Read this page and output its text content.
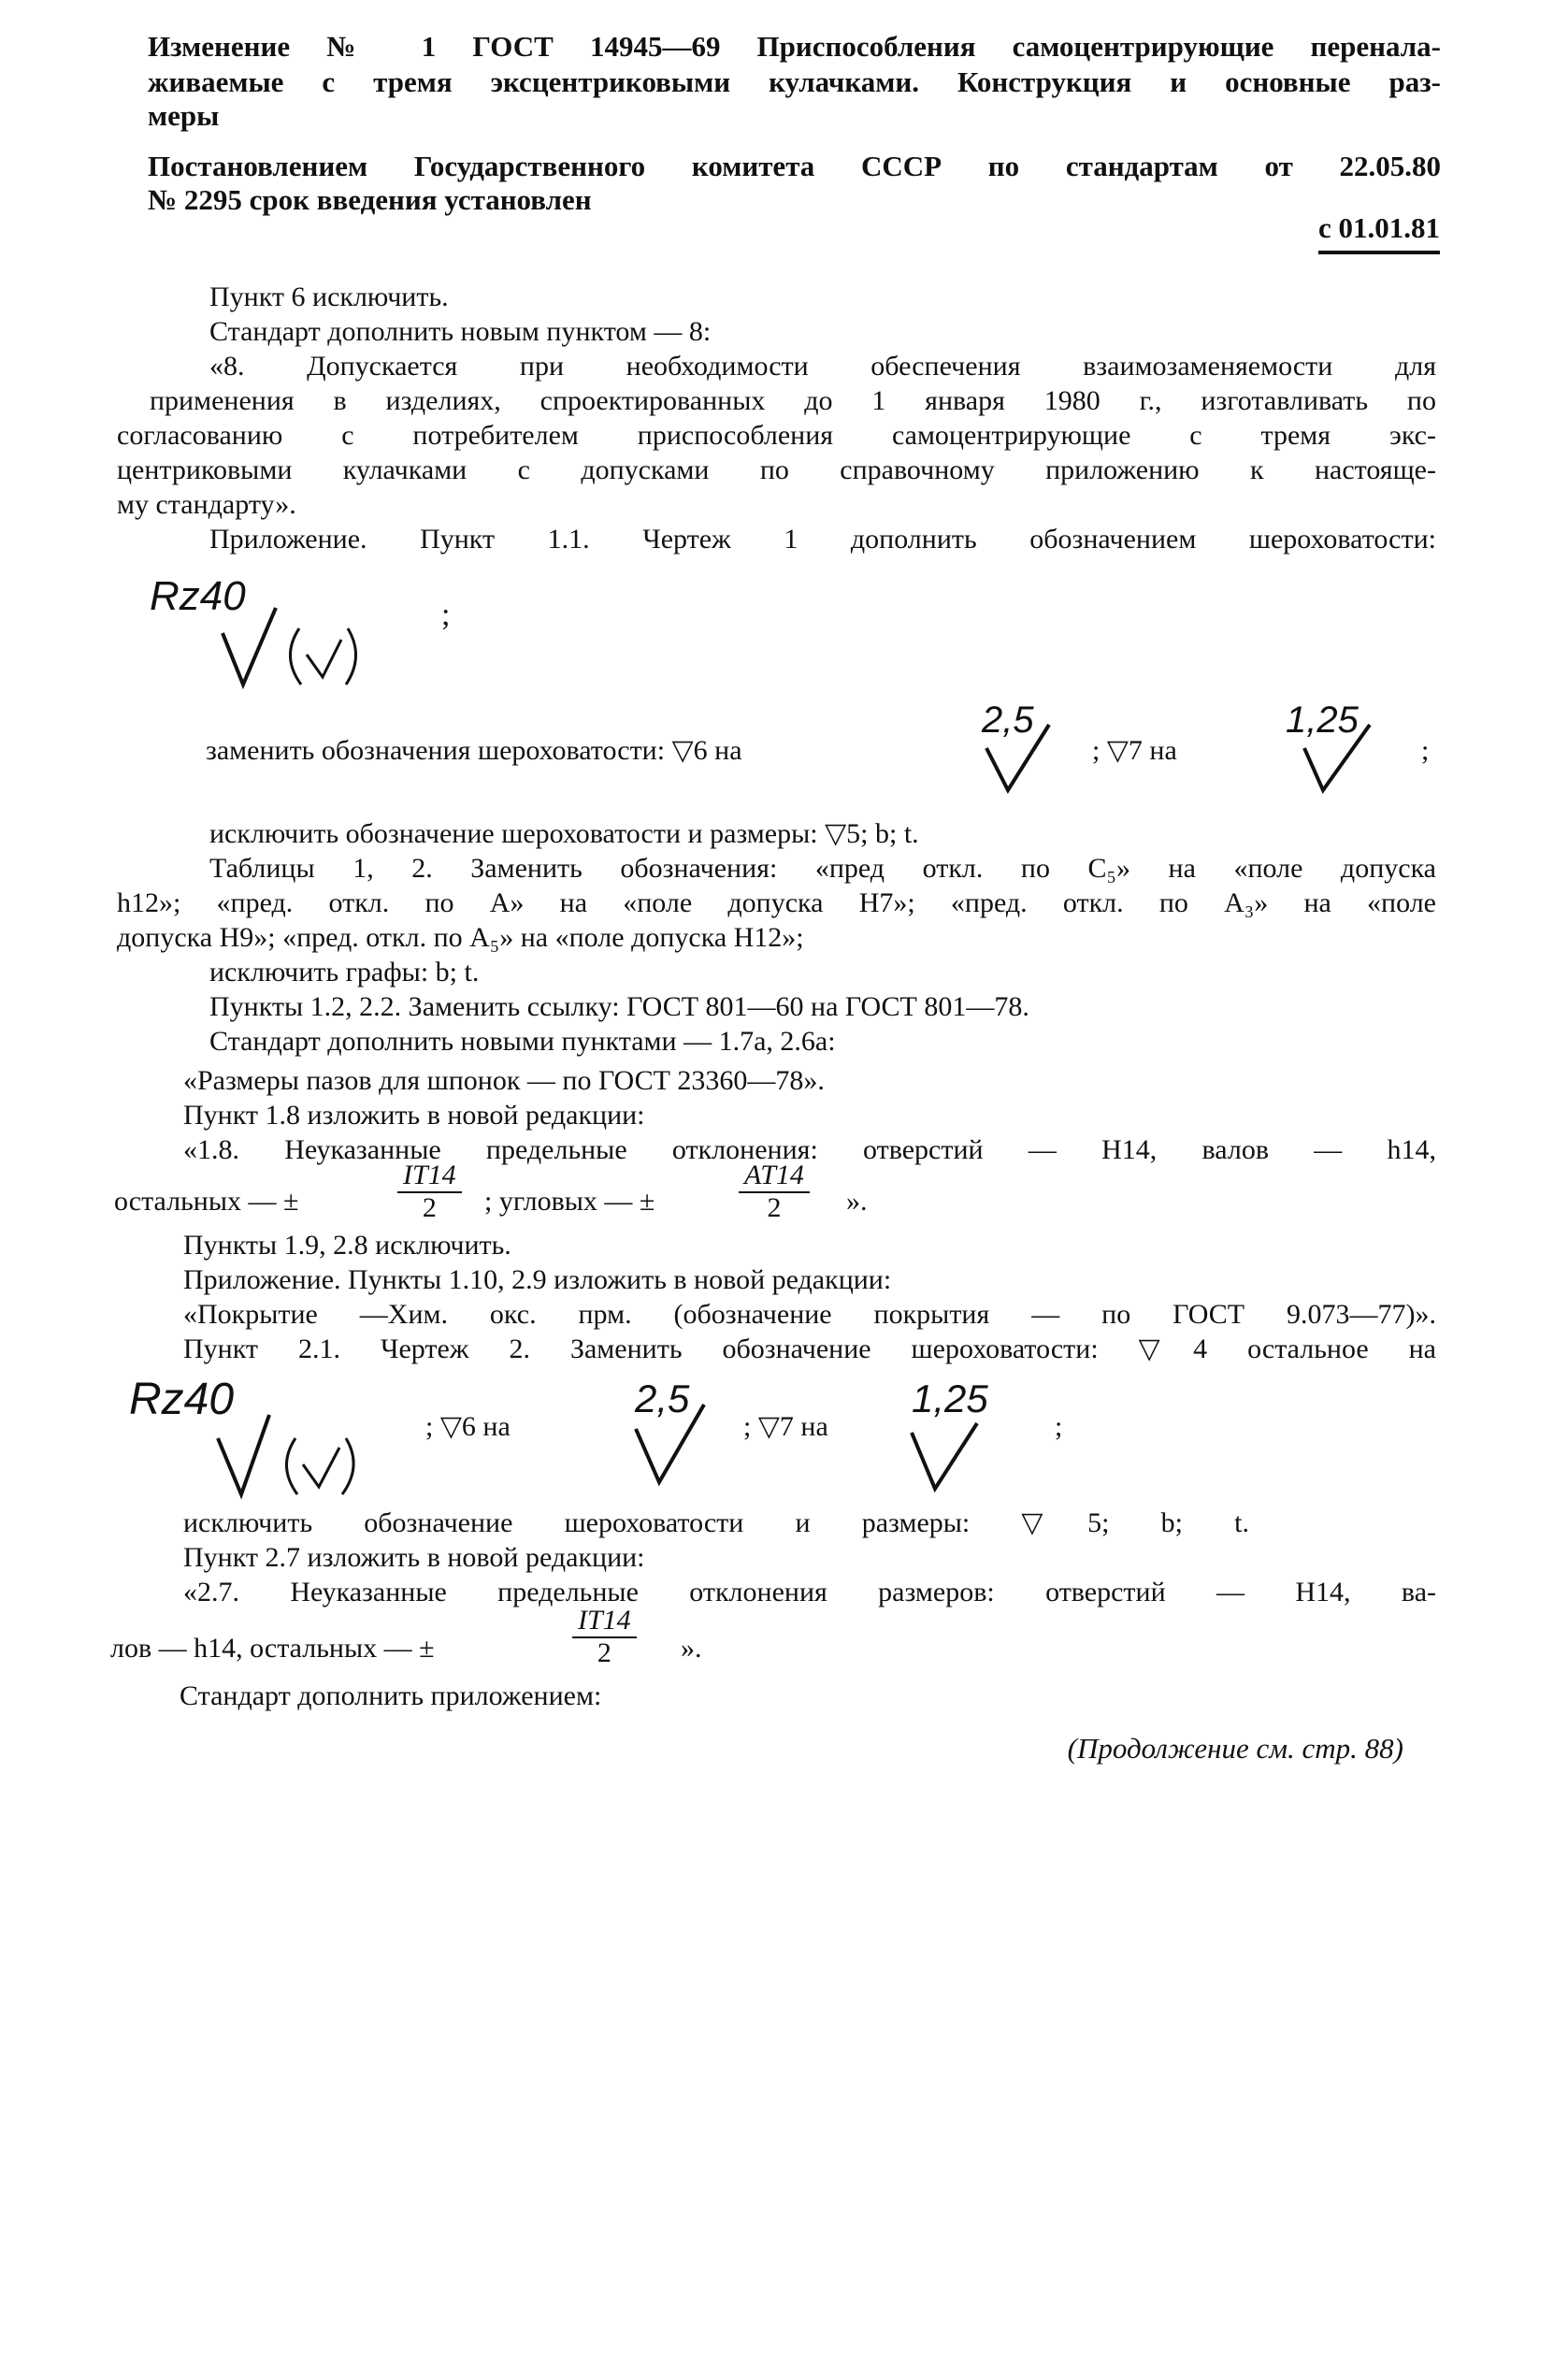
Изменение № 1 ГОСТ 14945—69 Приспособления самоцентрирующие перенала-
живаемые с тремя эксцентриковыми кулачками. Конструкция и основные раз-
меры
Постановлением Государственного комитета СССР по стандартам от 22.05.80
№ 2295 срок введения установлен
с 01.01.81
Пункт 6 исключить.
Стандарт дополнить новым пунктом — 8:
«8. Допускается при необходимости обеспечения взаимозаменяемости для
применения в изделиях, спроектированных до 1 января 1980 г., изготавливать по
согласованию с потребителем приспособления самоцентрирующие с тремя экс-
центриковыми кулачками с допусками по справочному приложению к настояще-
му стандарту».
Приложение. Пункт 1.1. Чертеж 1 дополнить обозначением шероховатости:
Rz40	;
заменить обозначения шероховатости: ▽6 на
2,5
; ▽7 на
1,25
;
исключить обозначение шероховатости и размеры: ▽5; b; t.
Таблицы 1, 2. Заменить обозначения: «пред откл. по C₅» на «поле допуска
h12»; «пред. откл. по A» на «поле допуска H7»; «пред. откл. по A₃» на «поле
допуска H9»; «пред. откл. по A₅» на «поле допуска H12»;
исключить графы: b; t.
Пункты 1.2, 2.2. Заменить ссылку: ГОСТ 801—60 на ГОСТ 801—78.
Стандарт дополнить новыми пунктами — 1.7a, 2.6a:
«Размеры пазов для шпонок — по ГОСТ 23360—78».
Пункт 1.8 изложить в новой редакции:
«1.8. Неуказанные предельные отклонения: отверстий — H14, валов — h14,
остальных — ±	$\frac{IT14}{2}$ ; угловых — ±	$\frac{AT14}{2}$ ».
Пункты 1.9, 2.8 исключить.
Приложение. Пункты 1.10, 2.9 изложить в новой редакции:
«Покрытие —Хим. окс. прм. (обозначение покрытия — по ГОСТ 9.073—77)».
Пункт 2.1. Чертеж 2. Заменить обозначение шероховатости: ▽4 остальное на
Rz40
; ▽6 на
2,5
; ▽7 на
1,25
;
исключить обозначение шероховатости и размеры: ▽5; b; t.
Пункт 2.7 изложить в новой редакции:
«2.7. Неуказанные предельные отклонения размеров: отверстий — H14, ва-
лов — h14, остальных — ±	$\frac{IT14}{2}$ ».
Стандарт дополнить приложением:
(Продолжение см. стр. 88)
